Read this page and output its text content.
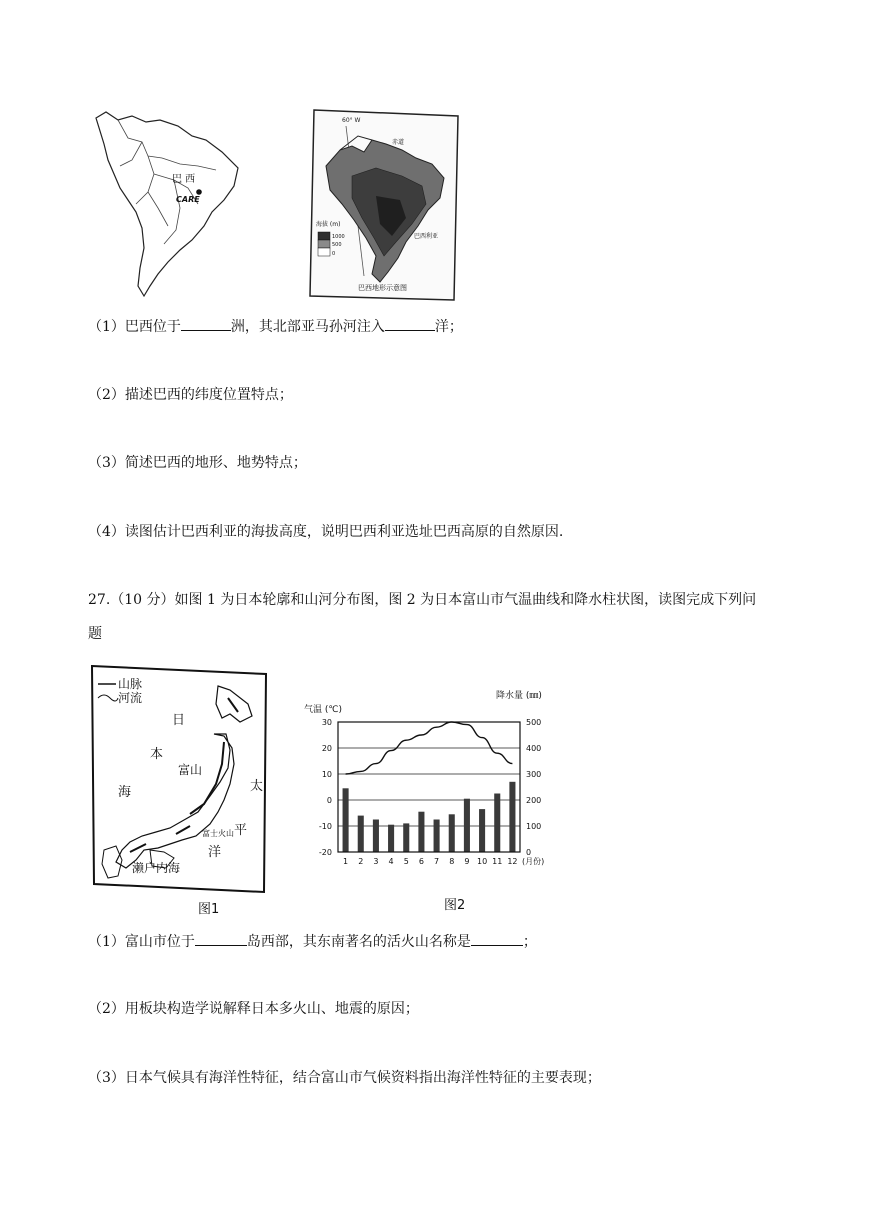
巴 西
CARE
60° W
赤道
海拔 (m)
1000
500
0
巴西利亚
巴西地形示意图
（1）巴西位于	洲，其北部亚马孙河注入	洋；
（2）描述巴西的纬度位置特点；
（3）简述巴西的地形、地势特点；
（4）读图估计巴西利亚的海拔高度，说明巴西利亚选址巴西高原的自然原因.
27.（10 分）如图 1 为日本轮廓和山河分布图，图 2 为日本富山市气温曲线和降水柱状图，读图完成下列问
题
山脉
河流
日
本
海
富山
太
平
洋
富士火山
濑户内海
图1
30
20
10
0
-10
-20
500
400
300
200
100
0
1 2 3 4 5 6 7 8 9 10 11 12 (月份)
气温 (℃)
降水量 (㎜)
图2
（1）富山市位于	岛西部，其东南著名的活火山名称是	；
（2）用板块构造学说解释日本多火山、地震的原因；
（3）日本气候具有海洋性特征，结合富山市气候资料指出海洋性特征的主要表现；
